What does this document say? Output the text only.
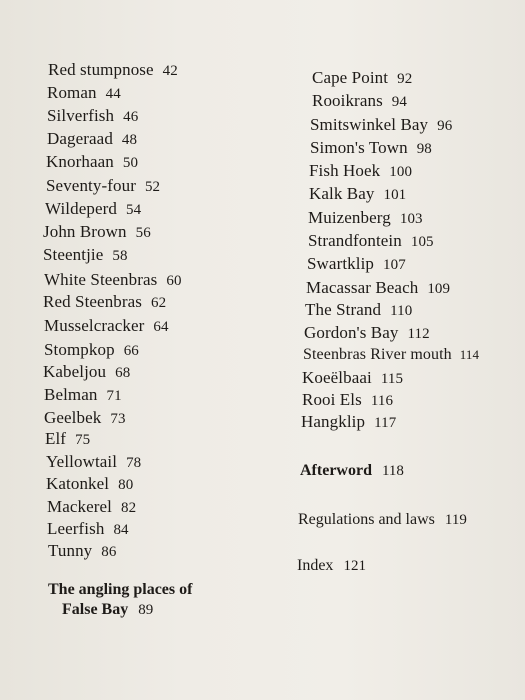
Red stumpnose 42
Roman 44
Silverfish 46
Dageraad 48
Knorhaan 50
Seventy-four 52
Wildeperd 54
John Brown 56
Steentjie 58
White Steenbras 60
Red Steenbras 62
Musselcracker 64
Stompkop 66
Kabeljou 68
Belman 71
Geelbek 73
Elf 75
Yellowtail 78
Katonkel 80
Mackerel 82
Leerfish 84
Tunny 86
The angling places of
False Bay 89
Cape Point 92
Rooikrans 94
Smitswinkel Bay 96
Simon's Town 98
Fish Hoek 100
Kalk Bay 101
Muizenberg 103
Strandfontein 105
Swartklip 107
Macassar Beach 109
The Strand 110
Gordon's Bay 112
Steenbras River mouth 114
Koeëlbaai 115
Rooi Els 116
Hangklip 117
Afterword 118
Regulations and laws 119
Index 121
